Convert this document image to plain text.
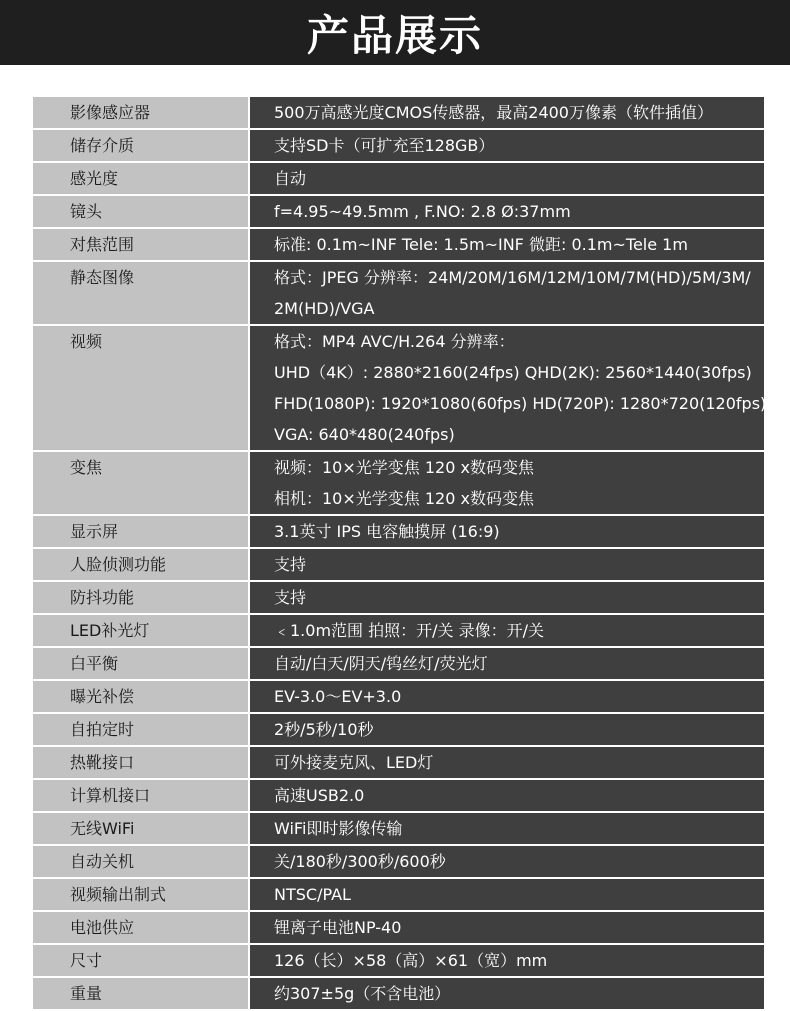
产品展示
影像感应器	500万高感光度CMOS传感器，最高2400万像素（软件插值）

储存介质	支持SD卡（可扩充至128GB）

感光度	自动

镜头	f=4.95~49.5mm , F.NO: 2.8 Ø:37mm

对焦范围	标准: 0.1m~INF Tele: 1.5m~INF 微距: 0.1m~Tele 1m

静态图像	格式：JPEG 分辨率：24M/20M/16M/12M/10M/7M(HD)/5M/3M/
2M(HD)/VGA

视频	格式：MP4 AVC/H.264 分辨率：
UHD（4K）: 2880*2160(24fps) QHD(2K): 2560*1440(30fps)
FHD(1080P): 1920*1080(60fps) HD(720P): 1280*720(120fps)
VGA: 640*480(240fps)

变焦	视频：10×光学变焦 120 x数码变焦
相机：10×光学变焦 120 x数码变焦

显示屏	3.1英寸 IPS 电容触摸屏 (16:9)

人脸侦测功能	支持

防抖功能	支持

LED补光灯	﹤1.0m范围 拍照：开/关 录像：开/关

白平衡	自动/白天/阴天/钨丝灯/荧光灯

曝光补偿	EV-3.0～EV+3.0

自拍定时	2秒/5秒/10秒

热靴接口	可外接麦克风、LED灯

计算机接口	高速USB2.0

无线WiFi	WiFi即时影像传输

自动关机	关/180秒/300秒/600秒

视频输出制式	NTSC/PAL

电池供应	锂离子电池NP-40

尺寸	126（长）×58（高）×61（宽）mm

重量	约307±5g（不含电池）
